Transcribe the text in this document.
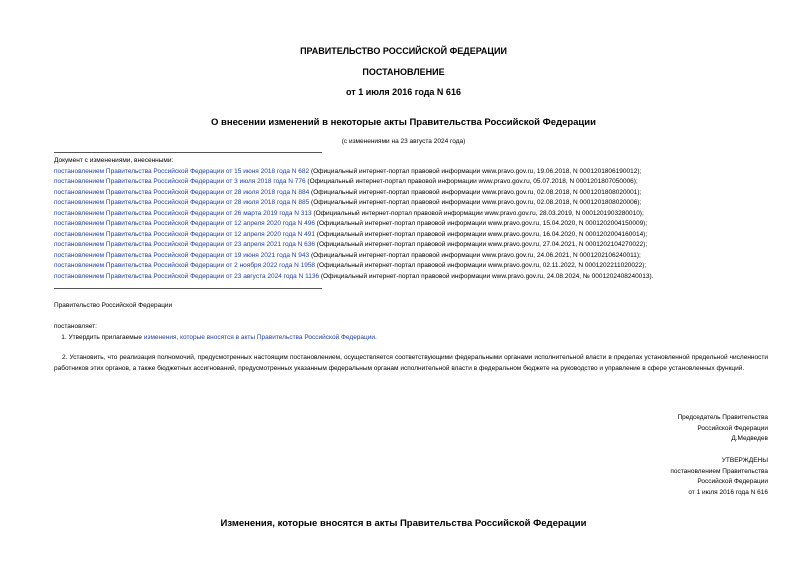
ПРАВИТЕЛЬСТВО РОССИЙСКОЙ ФЕДЕРАЦИИ
ПОСТАНОВЛЕНИЕ
от 1 июля 2016 года N 616
О внесении изменений в некоторые акты Правительства Российской Федерации
(с изменениями на 23 августа 2024 года)
Документ с изменениями, внесенными:
постановлением Правительства Российской Федерации от 15 июня 2018 года N 682 (Официальный интернет-портал правовой информации www.pravo.gov.ru, 19.06.2018, N 0001201806190012);
постановлением Правительства Российской Федерации от 3 июля 2018 года N 776 (Официальный интернет-портал правовой информации www.pravo.gov.ru, 05.07.2018, N 0001201807050006);
постановлением Правительства Российской Федерации от 28 июля 2018 года N 884 (Официальный интернет-портал правовой информации www.pravo.gov.ru, 02.08.2018, N 0001201808020001);
постановлением Правительства Российской Федерации от 28 июля 2018 года N 885 (Официальный интернет-портал правовой информации www.pravo.gov.ru, 02.08.2018, N 0001201808020006);
постановлением Правительства Российской Федерации от 26 марта 2019 года N 313 (Официальный интернет-портал правовой информации www.pravo.gov.ru, 28.03.2019, N 0001201903280010);
постановлением Правительства Российской Федерации от 12 апреля 2020 года N 496 (Официальный интернет-портал правовой информации www.pravo.gov.ru, 15.04.2020, N 0001202004150009);
постановлением Правительства Российской Федерации от 12 апреля 2020 года N 491 (Официальный интернет-портал правовой информации www.pravo.gov.ru, 16.04.2020, N 0001202004160014);
постановлением Правительства Российской Федерации от 23 апреля 2021 года N 636 (Официальный интернет-портал правовой информации www.pravo.gov.ru, 27.04.2021, N 0001202104270022);
постановлением Правительства Российской Федерации от 19 июня 2021 года N 943 (Официальный интернет-портал правовой информации www.pravo.gov.ru, 24.06.2021, N 0001202106240011);
постановлением Правительства Российской Федерации от 2 ноября 2022 года N 1958 (Официальный интернет-портал правовой информации www.pravo.gov.ru, 02.11.2022, N 0001202211020022);
постановлением Правительства Российской Федерации от 23 августа 2024 года N 1136 (Официальный интернет-портал правовой информации www.pravo.gov.ru, 24.08.2024, № 0001202408240013).
Правительство Российской Федерации
постановляет:
1. Утвердить прилагаемые изменения, которые вносятся в акты Правительства Российской Федерации.
2. Установить, что реализация полномочий, предусмотренных настоящим постановлением, осуществляется соответствующими федеральными органами исполнительной власти в пределах установленной предельной численности работников этих органов, а также бюджетных ассигнований, предусмотренных указанным федеральным органам исполнительной власти в федеральном бюджете на руководство и управление в сфере установленных функций.
Председатель Правительства
Российской Федерации
Д.Медведев
УТВЕРЖДЕНЫ
постановлением Правительства
Российской Федерации
от 1 июля 2016 года N 616
Изменения, которые вносятся в акты Правительства Российской Федерации
